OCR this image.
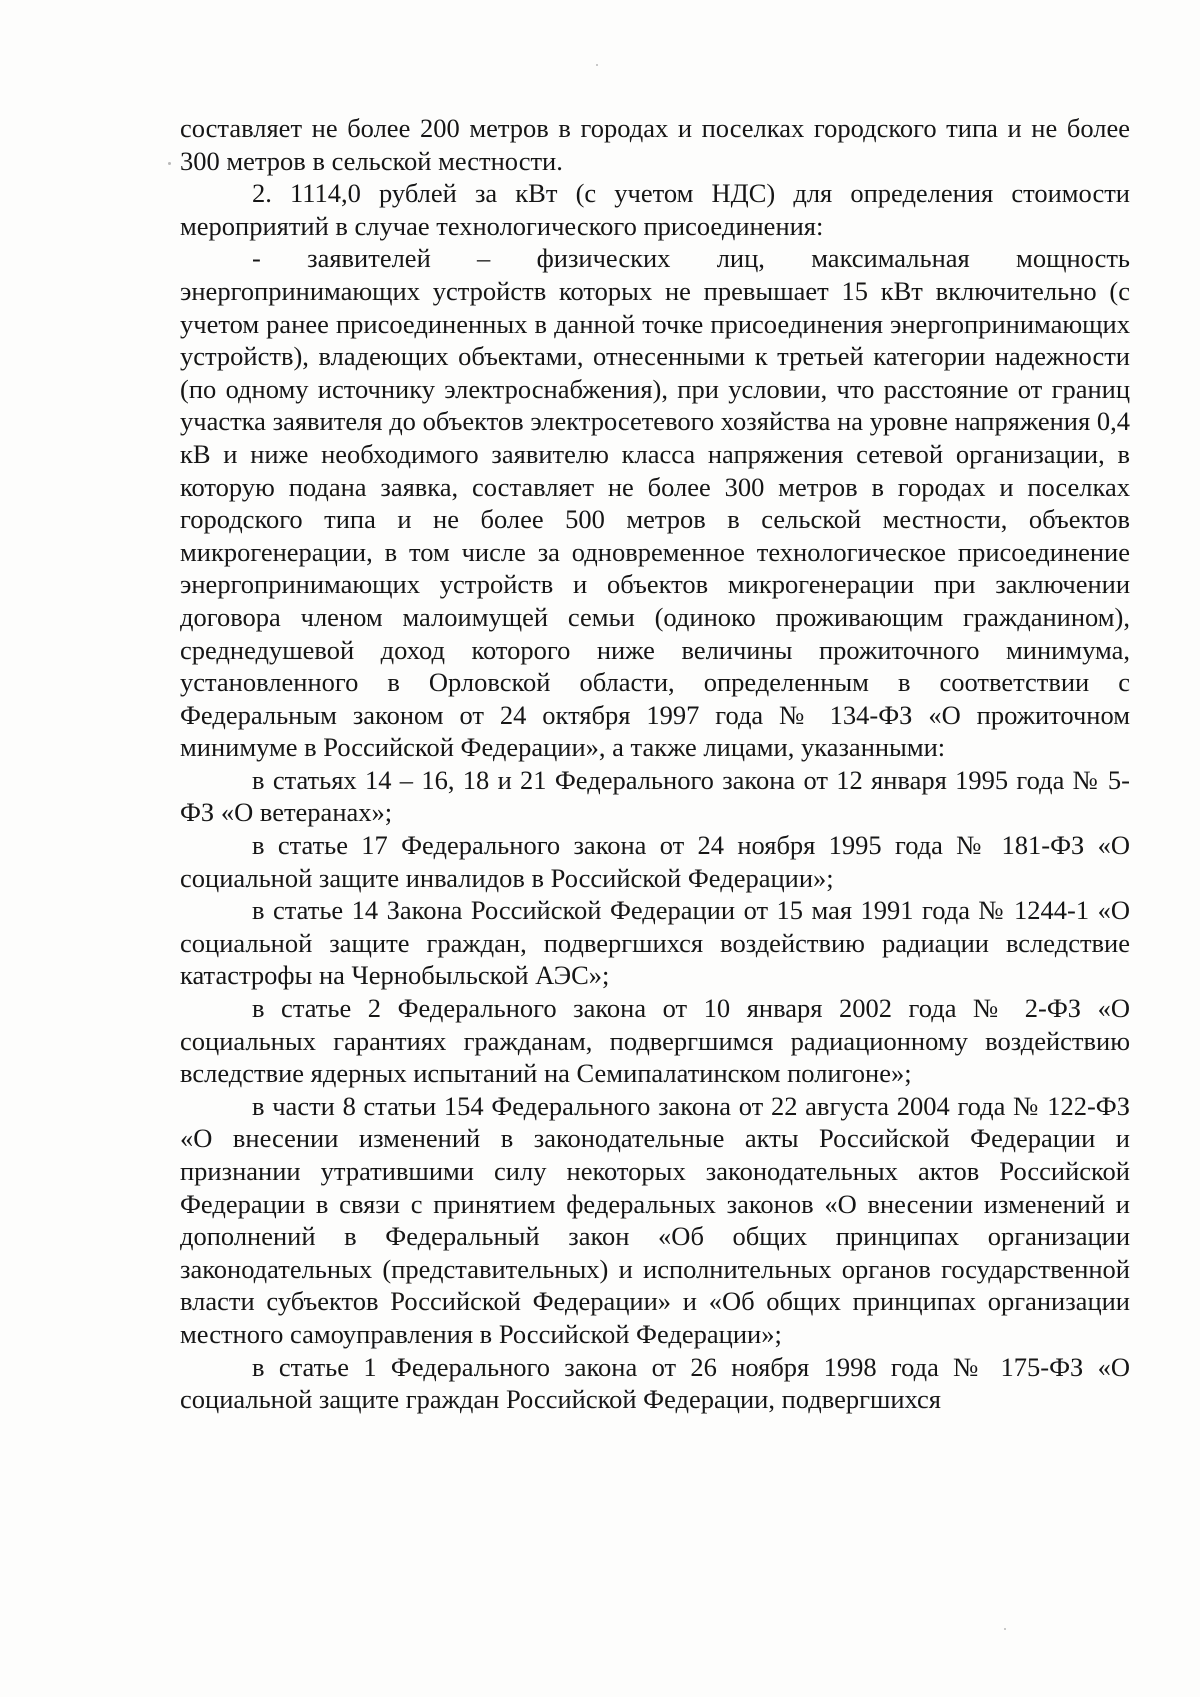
составляет не более 200 метров в городах и поселках городского типа и не более 300 метров в сельской местности.

2. 1114,0 рублей за кВт (с учетом НДС) для определения стоимости мероприятий в случае технологического присоединения:

- заявителей – физических лиц, максимальная мощность энергопринимающих устройств которых не превышает 15 кВт включительно (с учетом ранее присоединенных в данной точке присоединения энергопринимающих устройств), владеющих объектами, отнесенными к третьей категории надежности (по одному источнику электроснабжения), при условии, что расстояние от границ участка заявителя до объектов электросетевого хозяйства на уровне напряжения 0,4 кВ и ниже необходимого заявителю класса напряжения сетевой организации, в которую подана заявка, составляет не более 300 метров в городах и поселках городского типа и не более 500 метров в сельской местности, объектов микрогенерации, в том числе за одновременное технологическое присоединение энергопринимающих устройств и объектов микрогенерации при заключении договора членом малоимущей семьи (одиноко проживающим гражданином), среднедушевой доход которого ниже величины прожиточного минимума, установленного в Орловской области, определенным в соответствии с Федеральным законом от 24 октября 1997 года № 134-ФЗ «О прожиточном минимуме в Российской Федерации», а также лицами, указанными:

в статьях 14 – 16, 18 и 21 Федерального закона от 12 января 1995 года № 5-ФЗ «О ветеранах»;

в статье 17 Федерального закона от 24 ноября 1995 года № 181-ФЗ «О социальной защите инвалидов в Российской Федерации»;

в статье 14 Закона Российской Федерации от 15 мая 1991 года № 1244-1 «О социальной защите граждан, подвергшихся воздействию радиации вследствие катастрофы на Чернобыльской АЭС»;

в статье 2 Федерального закона от 10 января 2002 года № 2-ФЗ «О социальных гарантиях гражданам, подвергшимся радиационному воздействию вследствие ядерных испытаний на Семипалатинском полигоне»;

в части 8 статьи 154 Федерального закона от 22 августа 2004 года № 122-ФЗ «О внесении изменений в законодательные акты Российской Федерации и признании утратившими силу некоторых законодательных актов Российской Федерации в связи с принятием федеральных законов «О внесении изменений и дополнений в Федеральный закон «Об общих принципах организации законодательных (представительных) и исполнительных органов государственной власти субъектов Российской Федерации» и «Об общих принципах организации местного самоуправления в Российской Федерации»;

в статье 1 Федерального закона от 26 ноября 1998 года № 175-ФЗ «О социальной защите граждан Российской Федерации, подвергшихся
